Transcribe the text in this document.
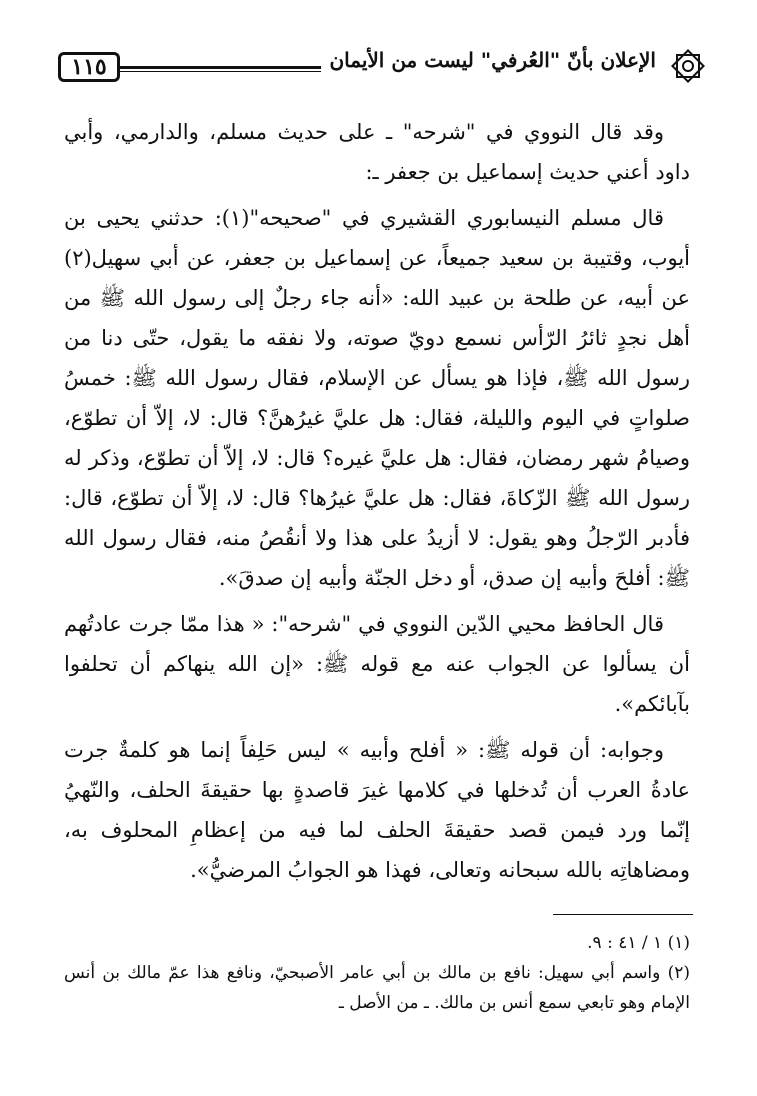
١١٥	الإعلان بأنّ "العُرفي" ليست من الأيمان

وقد قال النووي في "شرحه" ـ على حديث مسلم، والدارمي، وأبي داود أعني حديث إسماعيل بن جعفر ـ:

قال مسلم النيسابوري القشيري في "صحيحه"(١): حدثني يحيى بن أيوب، وقتيبة بن سعيد جميعاً، عن إسماعيل بن جعفر، عن أبي سهيل(٢) عن أبيه، عن طلحة بن عبيد الله: «أنه جاء رجلٌ إلى رسول الله ﷺ من أهل نجدٍ ثائرُ الرّأس نسمع دويّ صوته، ولا نفقه ما يقول، حتّى دنا من رسول الله ﷺ، فإذا هو يسأل عن الإسلام، فقال رسول الله ﷺ: خمسُ صلواتٍ في اليوم والليلة، فقال: هل عليَّ غيرُهنَّ؟ قال: لا، إلاّ أن تطوّع، وصيامُ شهر رمضان، فقال: هل عليَّ غيره؟ قال: لا، إلاّ أن تطوّع، وذكر له رسول الله ﷺ الزّكاةَ، فقال: هل عليَّ غيرُها؟ قال: لا، إلاّ أن تطوّع، قال: فأدبر الرّجلُ وهو يقول: لا أزيدُ على هذا ولا أنقُصُ منه، فقال رسول الله ﷺ: أفلحَ وأبيه إن صدق، أو دخل الجنّة وأبيه إن صدقَ».

قال الحافظ محيي الدّين النووي في "شرحه": « هذا ممّا جرت عادتُهم أن يسألوا عن الجواب عنه مع قوله ﷺ: «إن الله ينهاكم أن تحلفوا بآبائكم».

وجوابه: أن قوله ﷺ: « أفلح وأبيه » ليس حَلِفاً إنما هو كلمةٌ جرت عادةُ العرب أن تُدخلها في كلامها غيرَ قاصدةٍ بها حقيقةَ الحلف، والنّهيُ إنّما ورد فيمن قصد حقيقةَ الحلف لما فيه من إعظامِ المحلوف به، ومضاهاتِه بالله سبحانه وتعالى، فهذا هو الجوابُ المرضيُّ».

(١) ١ / ٤١ : ٩.

(٢) واسم أبي سهيل: نافع بن مالك بن أبي عامر الأصبحيّ، ونافع هذا عمّ مالك بن أنس الإمام وهو تابعي سمع أنس بن مالك. ـ من الأصل ـ
